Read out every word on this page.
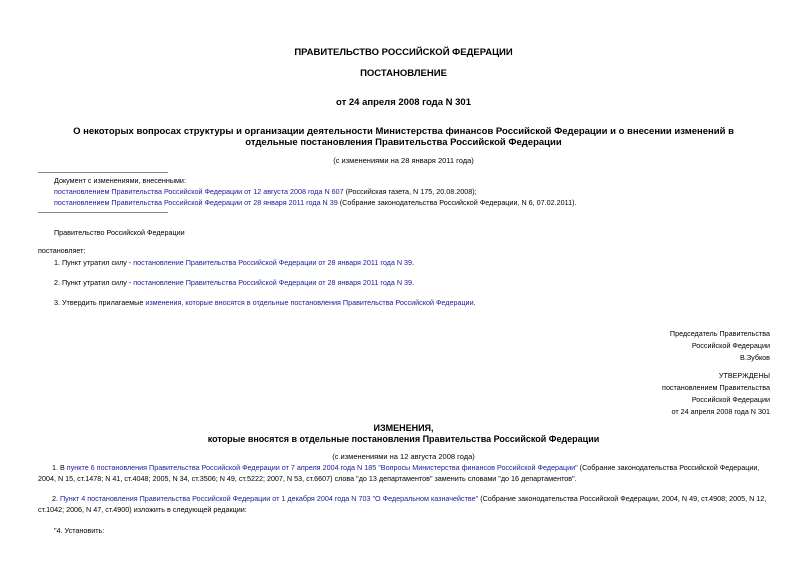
ПРАВИТЕЛЬСТВО РОССИЙСКОЙ ФЕДЕРАЦИИ
ПОСТАНОВЛЕНИЕ
от 24 апреля 2008 года N 301
О некоторых вопросах структуры и организации деятельности Министерства финансов Российской Федерации и о внесении изменений в отдельные постановления Правительства Российской Федерации
(с изменениями на 28 января 2011 года)
Документ с изменениями, внесенными:
постановлением Правительства Российской Федерации от 12 августа 2008 года N 607 (Российская газета, N 175, 20.08.2008);
постановлением Правительства Российской Федерации от 28 января 2011 года N 39 (Собрание законодательства Российской Федерации, N 6, 07.02.2011).
Правительство Российской Федерации
постановляет:
1. Пункт утратил силу - постановление Правительства Российской Федерации от 28 января 2011 года N 39.
2. Пункт утратил силу - постановление Правительства Российской Федерации от 28 января 2011 года N 39.
3. Утвердить прилагаемые изменения, которые вносятся в отдельные постановления Правительства Российской Федерации.
Председатель Правительства
Российской Федерации
В.Зубков
УТВЕРЖДЕНЫ
постановлением Правительства
Российской Федерации
от 24 апреля 2008 года N 301
ИЗМЕНЕНИЯ,
которые вносятся в отдельные постановления Правительства Российской Федерации
(с изменениями на 12 августа 2008 года)
1. В пункте 6 постановления Правительства Российской Федерации от 7 апреля 2004 года N 185 "Вопросы Министерства финансов Российской Федерации" (Собрание законодательства Российской Федерации, 2004, N 15, ст.1478; N 41, ст.4048; 2005, N 34, ст.3506; N 49, ст.5222; 2007, N 53, ст.6607) слова "до 13 департаментов" заменить словами "до 16 департаментов".
2. Пункт 4 постановления Правительства Российской Федерации от 1 декабря 2004 года N 703 "О Федеральном казначействе" (Собрание законодательства Российской Федерации, 2004, N 49, ст.4908; 2005, N 12, ст.1042; 2006, N 47, ст.4900) изложить в следующей редакции:
"4. Установить:
